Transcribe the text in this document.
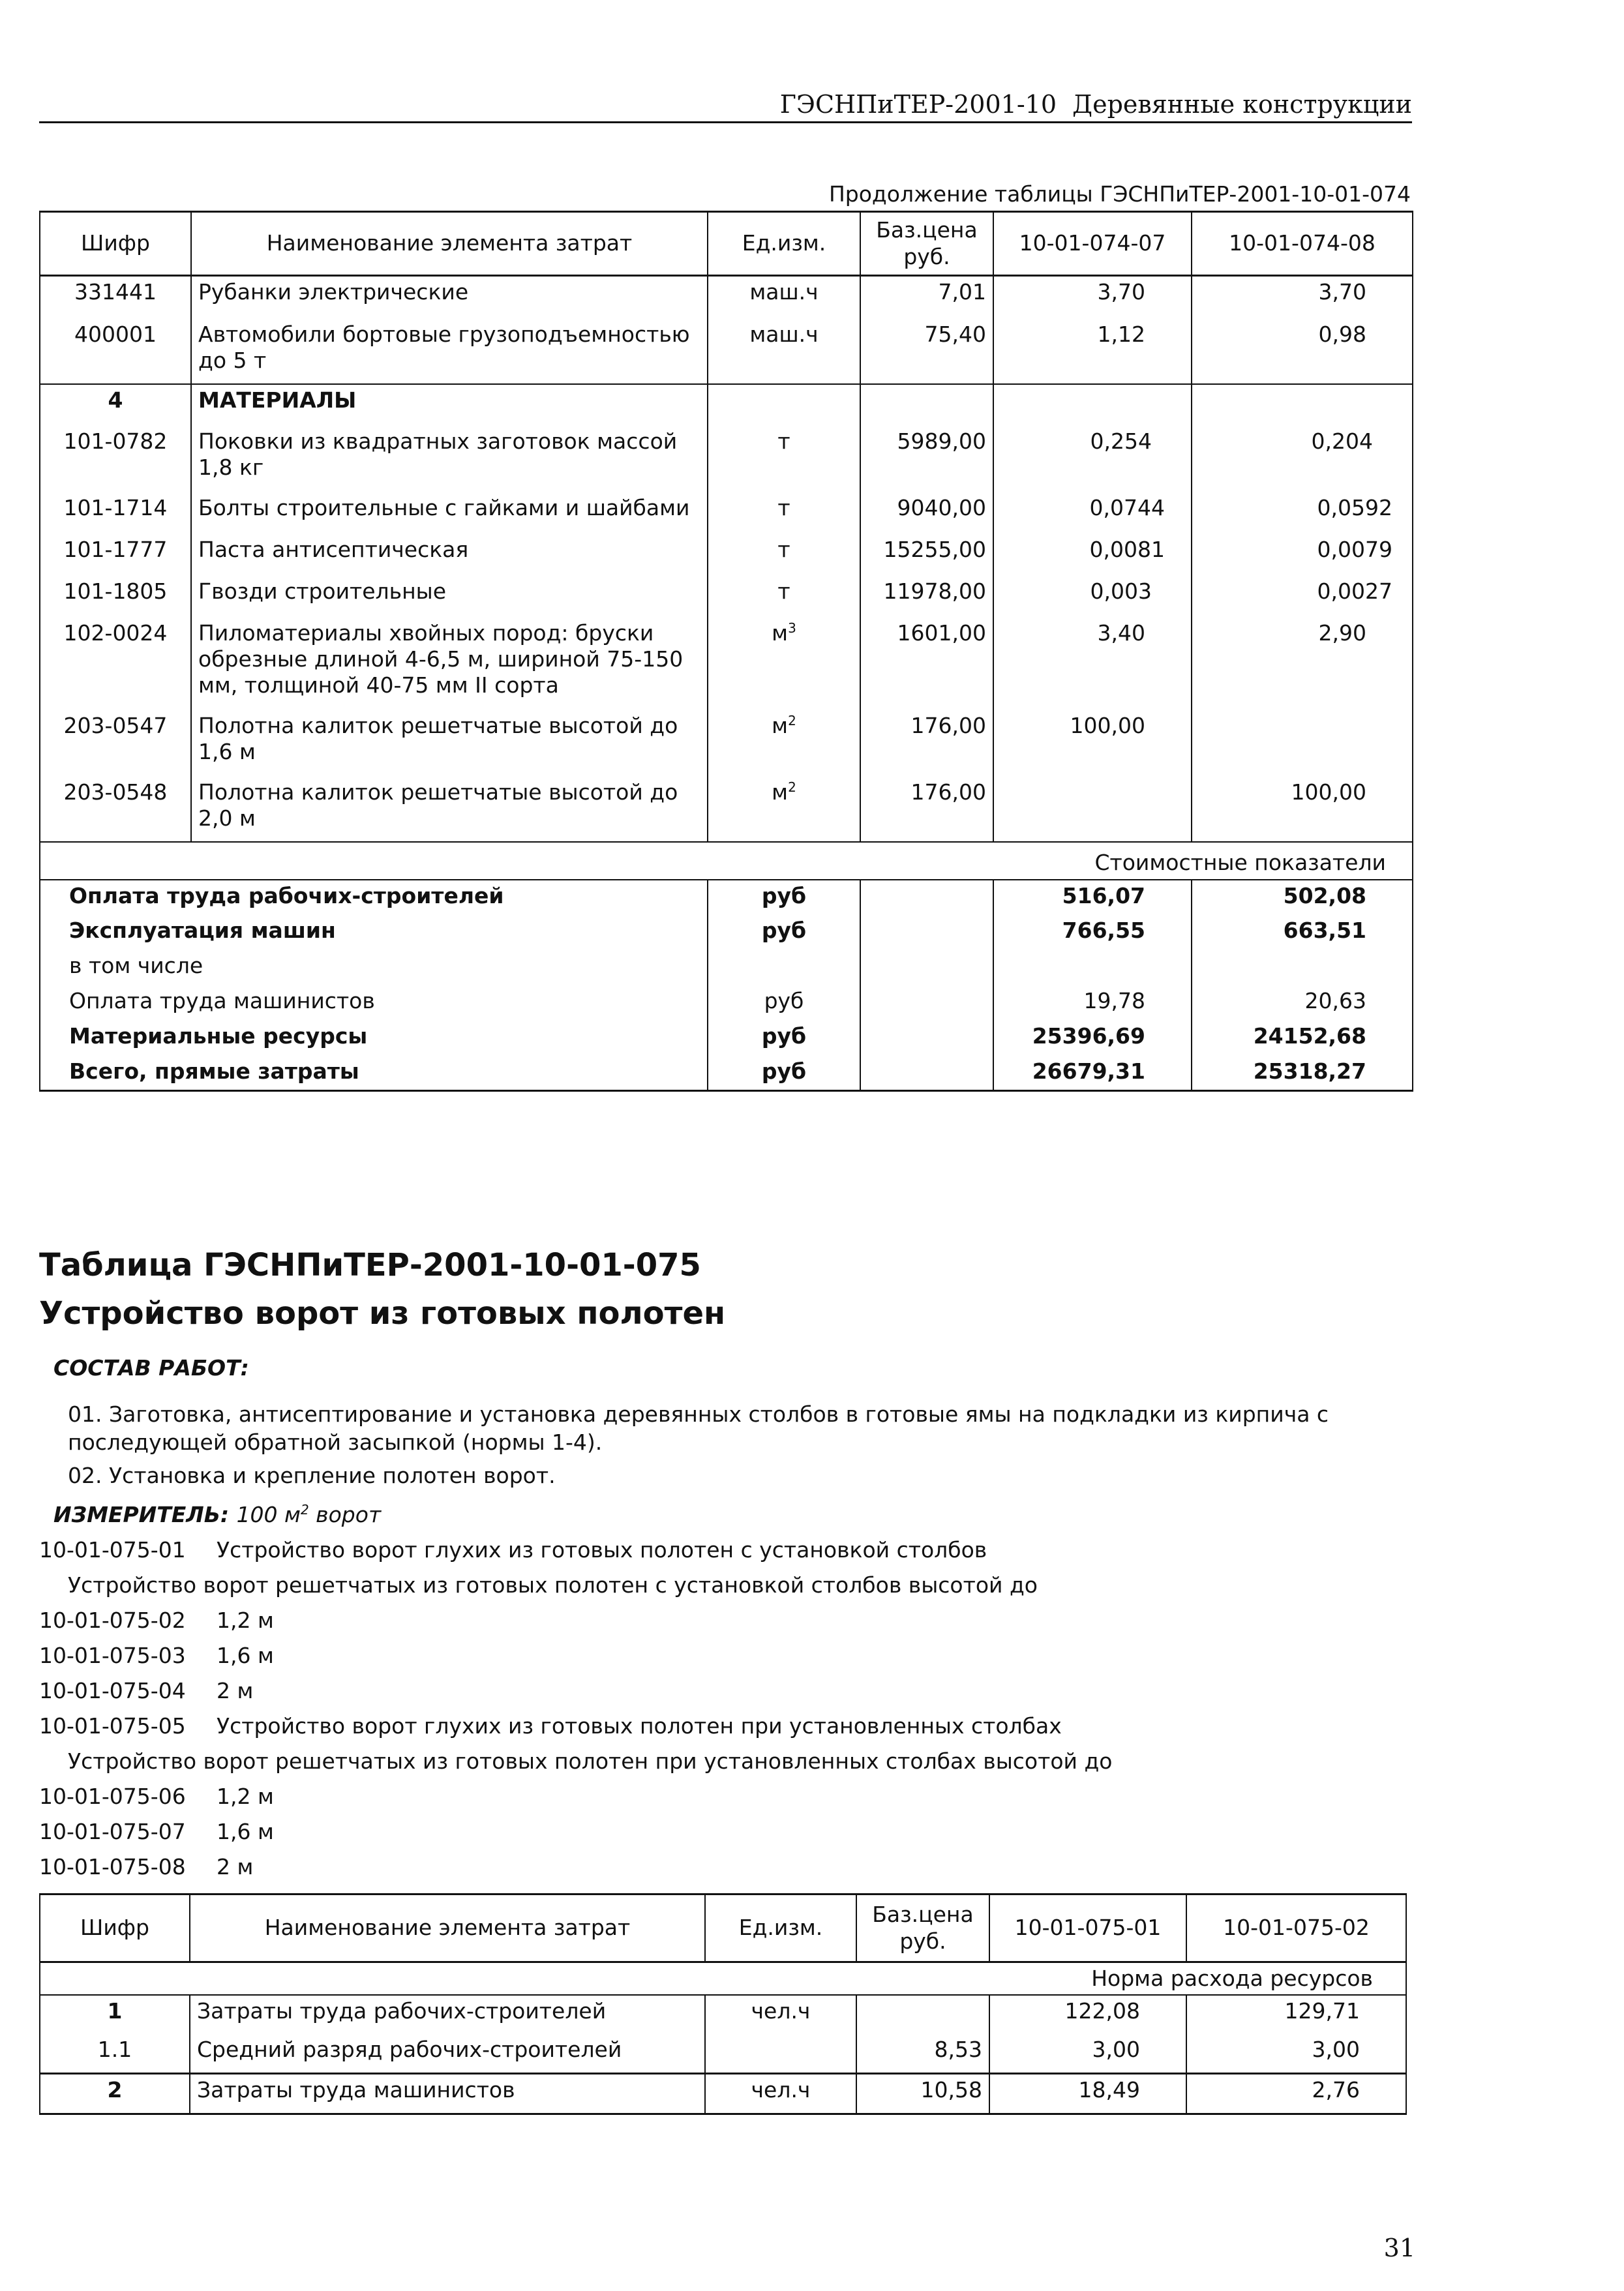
ГЭСНПиТЕР-2001-10  Деревянные конструкции
Продолжение таблицы ГЭСНПиТЕР-2001-10-01-074
Шифр	Наименование элемента затрат	Ед.изм.	Баз.цена руб.	10-01-074-07	10-01-074-08
331441	Рубанки электрические	маш.ч	7,01	3,70	3,70
400001	Автомобили бортовые грузоподъемностью до 5 т	маш.ч	75,40	1,12	0,98
4	МАТЕРИАЛЫ				
101-0782	Поковки из квадратных заготовок массой 1,8 кг	т	5989,00	0,254	0,204
101-1714	Болты строительные с гайками и шайбами	т	9040,00	0,0744	0,0592
101-1777	Паста антисептическая	т	15255,00	0,0081	0,0079
101-1805	Гвозди строительные	т	11978,00	0,003	0,0027
102-0024	Пиломатериалы хвойных пород: бруски обрезные длиной 4-6,5 м, шириной 75-150 мм, толщиной 40-75 мм II сорта	$м^3$	1601,00	3,40	2,90
203-0547	Полотна калиток решетчатые высотой до 1,6 м	$м^2$	176,00	100,00	
203-0548	Полотна калиток решетчатые высотой до 2,0 м	$м^2$	176,00		100,00
Стоимостные показатели					
Оплата труда рабочих-строителей		руб		516,07	502,08
Эксплуатация машин		руб		766,55	663,51
в том числе					
Оплата труда машинистов		руб		19,78	20,63
Материальные ресурсы		руб		25396,69	24152,68
Всего, прямые затраты		руб		26679,31	25318,27
Таблица ГЭСНПиТЕР-2001-10-01-075
Устройство ворот из готовых полотен
СОСТАВ РАБОТ:
01. Заготовка, антисептирование и установка деревянных столбов в готовые ямы на подкладки из кирпича с
последующей обратной засыпкой (нормы 1-4).
02. Установка и крепление полотен ворот.
ИЗМЕРИТЕЛЬ: 100 $м^2$ ворот
10-01-075-01	Устройство ворот глухих из готовых полотен с установкой столбов
Устройство ворот решетчатых из готовых полотен с установкой столбов высотой до
10-01-075-02	1,2 м
10-01-075-03	1,6 м
10-01-075-04	2 м
10-01-075-05	Устройство ворот глухих из готовых полотен при установленных столбах
Устройство ворот решетчатых из готовых полотен при установленных столбах высотой до
10-01-075-06	1,2 м
10-01-075-07	1,6 м
10-01-075-08	2 м
Шифр	Наименование элемента затрат	Ед.изм.	Баз.цена руб.	10-01-075-01	10-01-075-02
Норма расхода ресурсов					
1	Затраты труда рабочих-строителей	чел.ч		122,08	129,71
1.1	Средний разряд рабочих-строителей		8,53	3,00	3,00
2	Затраты труда машинистов	чел.ч	10,58	18,49	2,76
31
